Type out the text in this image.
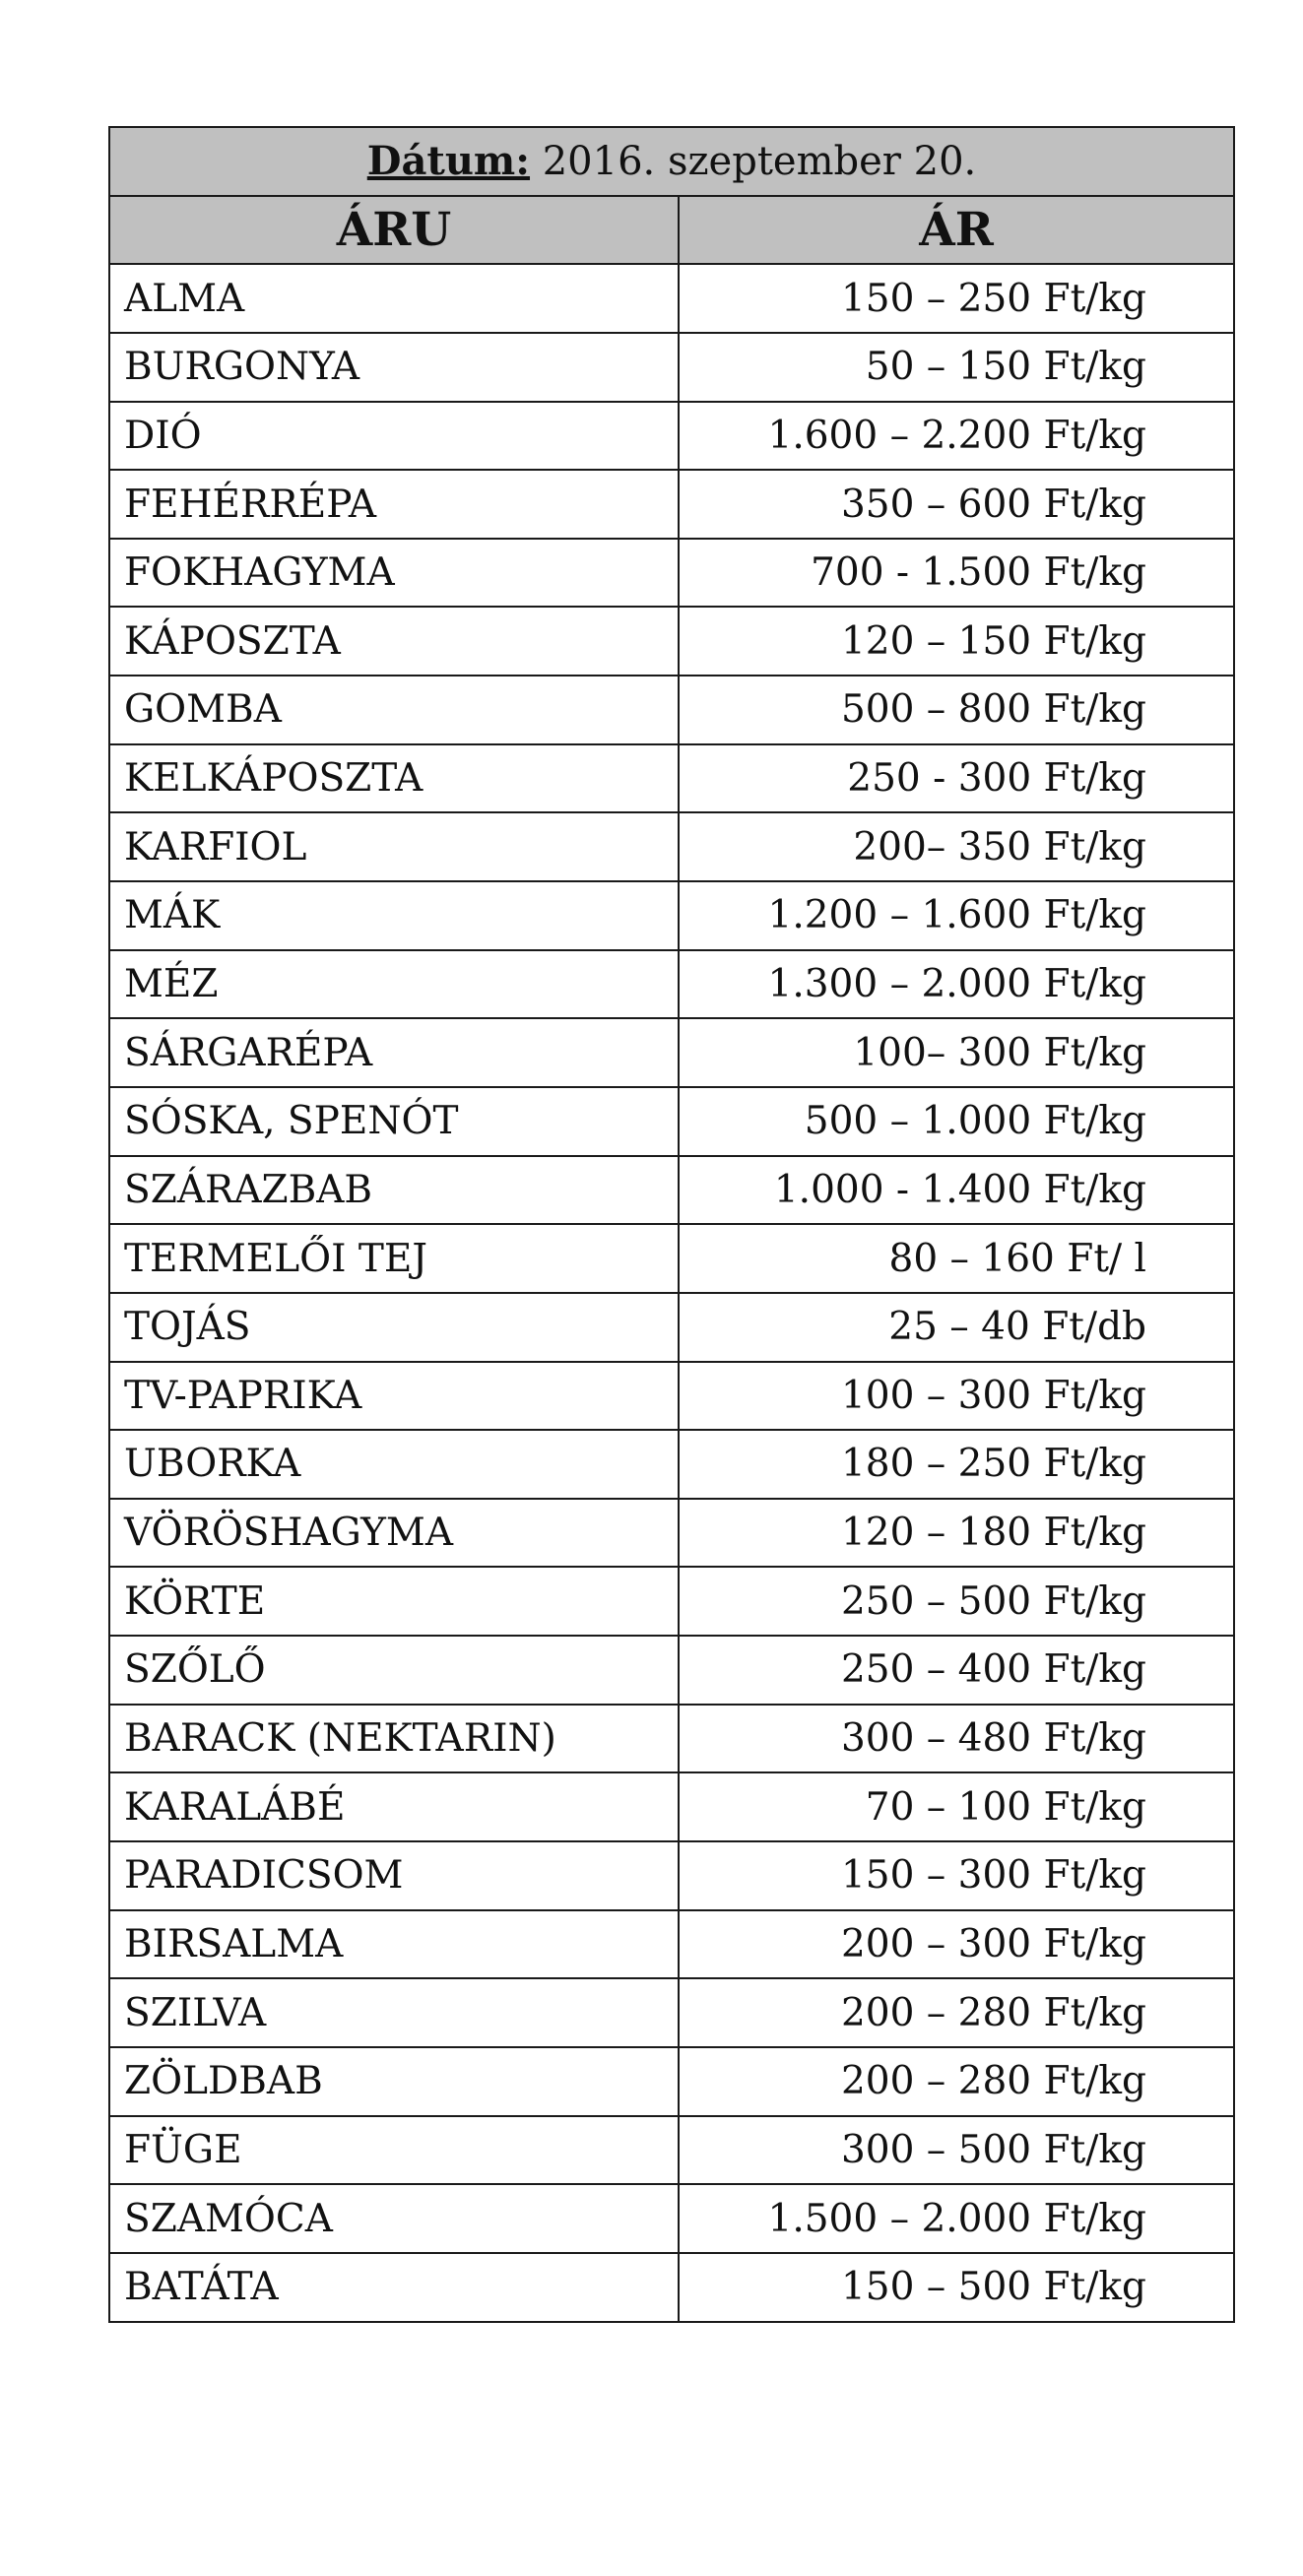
Dátum: 2016. szeptember 20.	
ÁRU	ÁR
ALMA	150 – 250 Ft/kg
BURGONYA	50 – 150 Ft/kg
DIÓ	1.600 – 2.200 Ft/kg
FEHÉRRÉPA	350 – 600 Ft/kg
FOKHAGYMA	700 - 1.500 Ft/kg
KÁPOSZTA	120 – 150 Ft/kg
GOMBA	500 – 800 Ft/kg
KELKÁPOSZTA	250 - 300 Ft/kg
KARFIOL	200– 350 Ft/kg
MÁK	1.200 – 1.600 Ft/kg
MÉZ	1.300 – 2.000 Ft/kg
SÁRGARÉPA	100– 300 Ft/kg
SÓSKA, SPENÓT	500 – 1.000 Ft/kg
SZÁRAZBAB	1.000 - 1.400 Ft/kg
TERMELŐI TEJ	80 – 160 Ft/ l
TOJÁS	25 – 40 Ft/db
TV-PAPRIKA	100 – 300 Ft/kg
UBORKA	180 – 250 Ft/kg
VÖRÖSHAGYMA	120 – 180 Ft/kg
KÖRTE	250 – 500 Ft/kg
SZŐLŐ	250 – 400 Ft/kg
BARACK (NEKTARIN)	300 – 480 Ft/kg
KARALÁBÉ	70 – 100 Ft/kg
PARADICSOM	150 – 300 Ft/kg
BIRSALMA	200 – 300 Ft/kg
SZILVA	200 – 280 Ft/kg
ZÖLDBAB	200 – 280 Ft/kg
FÜGE	300 – 500 Ft/kg
SZAMÓCA	1.500 – 2.000 Ft/kg
BATÁTA	150 – 500 Ft/kg
